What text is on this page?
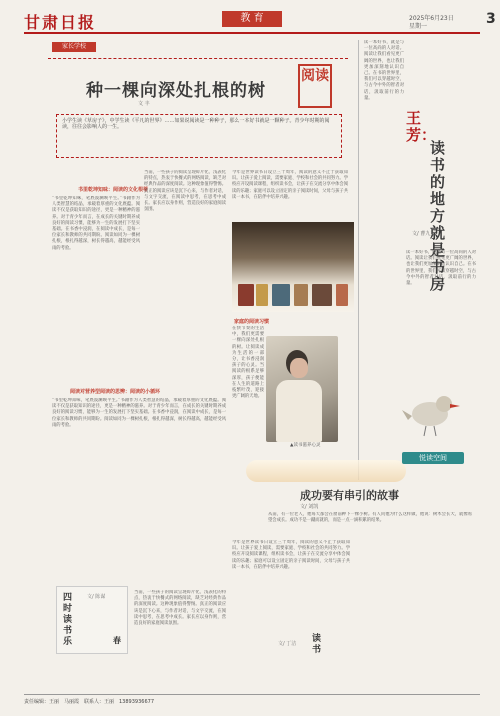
甘肃日报	教 育	2025年6月23日
星期一	3
家长学校
种一棵向深处扎根的树
文 丰
阅读
小学生读《草房子》，中学生读《平凡的世界》……如果说阅读是一种种子，那么一本好书就是一颗种子。青少年时期的阅读，往往会影响人的一生。
书里乾坤知味：阅读的文化根蒂
“书里乾坤知味，笔底波澜映平生。”书籍作为人类智慧的结晶，承载着厚重的文化底蕴。阅读不仅是获取知识的途径，更是一种精神的滋养。对于青少年而言，在成长的关键时期养成良好的阅读习惯，能够为一生的发展打下坚实基础。在书香中浸润，在阅读中成长，是每一位家长和教师的共同期盼。阅读如同为一棵树扎根，根扎得越深，树长得越高，越能经受风雨的考验。
当前，一些孩子的阅读呈现碎片化、浅表化的特点，热衷于快餐式的网络阅读，缺乏对经典作品的深度阅读。这种现象值得警惕。真正的阅读应该是沉下心来，与作者对话，与文字交流，在阅读中思考，在思考中成长。家长应以身作则，营造良好的家庭阅读氛围。
今年是世界读书日设立三十周年，阅读的意义不止于获取知识。让孩子爱上阅读，需要家庭、学校和社会的共同努力。学校应开设阅读课程，组织读书会，让孩子在交流分享中体会阅读的乐趣；家庭可以设立固定的亲子阅读时间，父母与孩子共读一本书，在陪伴中培养兴趣。
家庭的阅读习惯
在快节奏的生活中，我们更需要一棵向深处扎根的树。让阅读成为生活的一部分，让书香浸润孩子的心灵。当阅读的根系足够深厚，孩子便能在人生的道路上枝繁叶茂，迎接更广阔的天地。
阅读对营养型阅读的思辨：阅读的小循环
“书里乾坤知味，笔底波澜映平生。”书籍作为人类智慧的结晶，承载着厚重的文化底蕴。阅读不仅是获取知识的途径，更是一种精神的滋养。对于青少年而言，在成长的关键时期养成良好的阅读习惯，能够为一生的发展打下坚实基础。在书香中浸润，在阅读中成长，是每一位家长和教师的共同期盼。阅读如同为一棵树扎根，根扎得越深，树长得越高，越能经受风雨的考验。
当前，一些孩子的阅读呈现碎片化、浅表化的特点，热衷于快餐式的网络阅读，缺乏对经典作品的深度阅读。这种现象值得警惕。真正的阅读应该是沉下心来，与作者对话，与文字交流，在阅读中思考，在思考中成长。家长应以身作则，营造良好的家庭阅读氛围。
今年是世界读书日设立三十周年，阅读的意义不止于获取知识。让孩子爱上阅读，需要家庭、学校和社会的共同努力。学校应开设阅读课程，组织读书会，让孩子在交流分享中体会阅读的乐趣；家庭可以设立固定的亲子阅读时间，父母与孩子共读一本书，在陪伴中培养兴趣。
▲读书滋养心灵
四时读书乐	春
文/ 陈谋
读书
文/ 丁洁
读一本好书，就是与一位高尚的人对话。阅读让我们看见更广阔的世界，也让我们更加深刻地认识自己。在书的世界里，我们可以穿越时空，与古今中外的智者对话，汲取前行的力量。
王芳：
读书的地方就是书房
文/ 曹九玉
读一本好书，就是与一位高尚的人对话。阅读让我们看见更广阔的世界，也让我们更加深刻地认识自己。在书的世界里，我们可以穿越时空，与古今中外的智者对话，汲取前行的力量。
悦读空间
成功要有串引的故事
文/ 刘凯
从前，有一位老人，他每天都会在窗前种下一棵小树。有人问他为什么这样做，他说：树木会长大，就像希望会成长。成功不是一蹴而就的，而是一点一滴积累的结果。
责任编辑：王丽　马丽霞　联系人：王丽　13893936677
